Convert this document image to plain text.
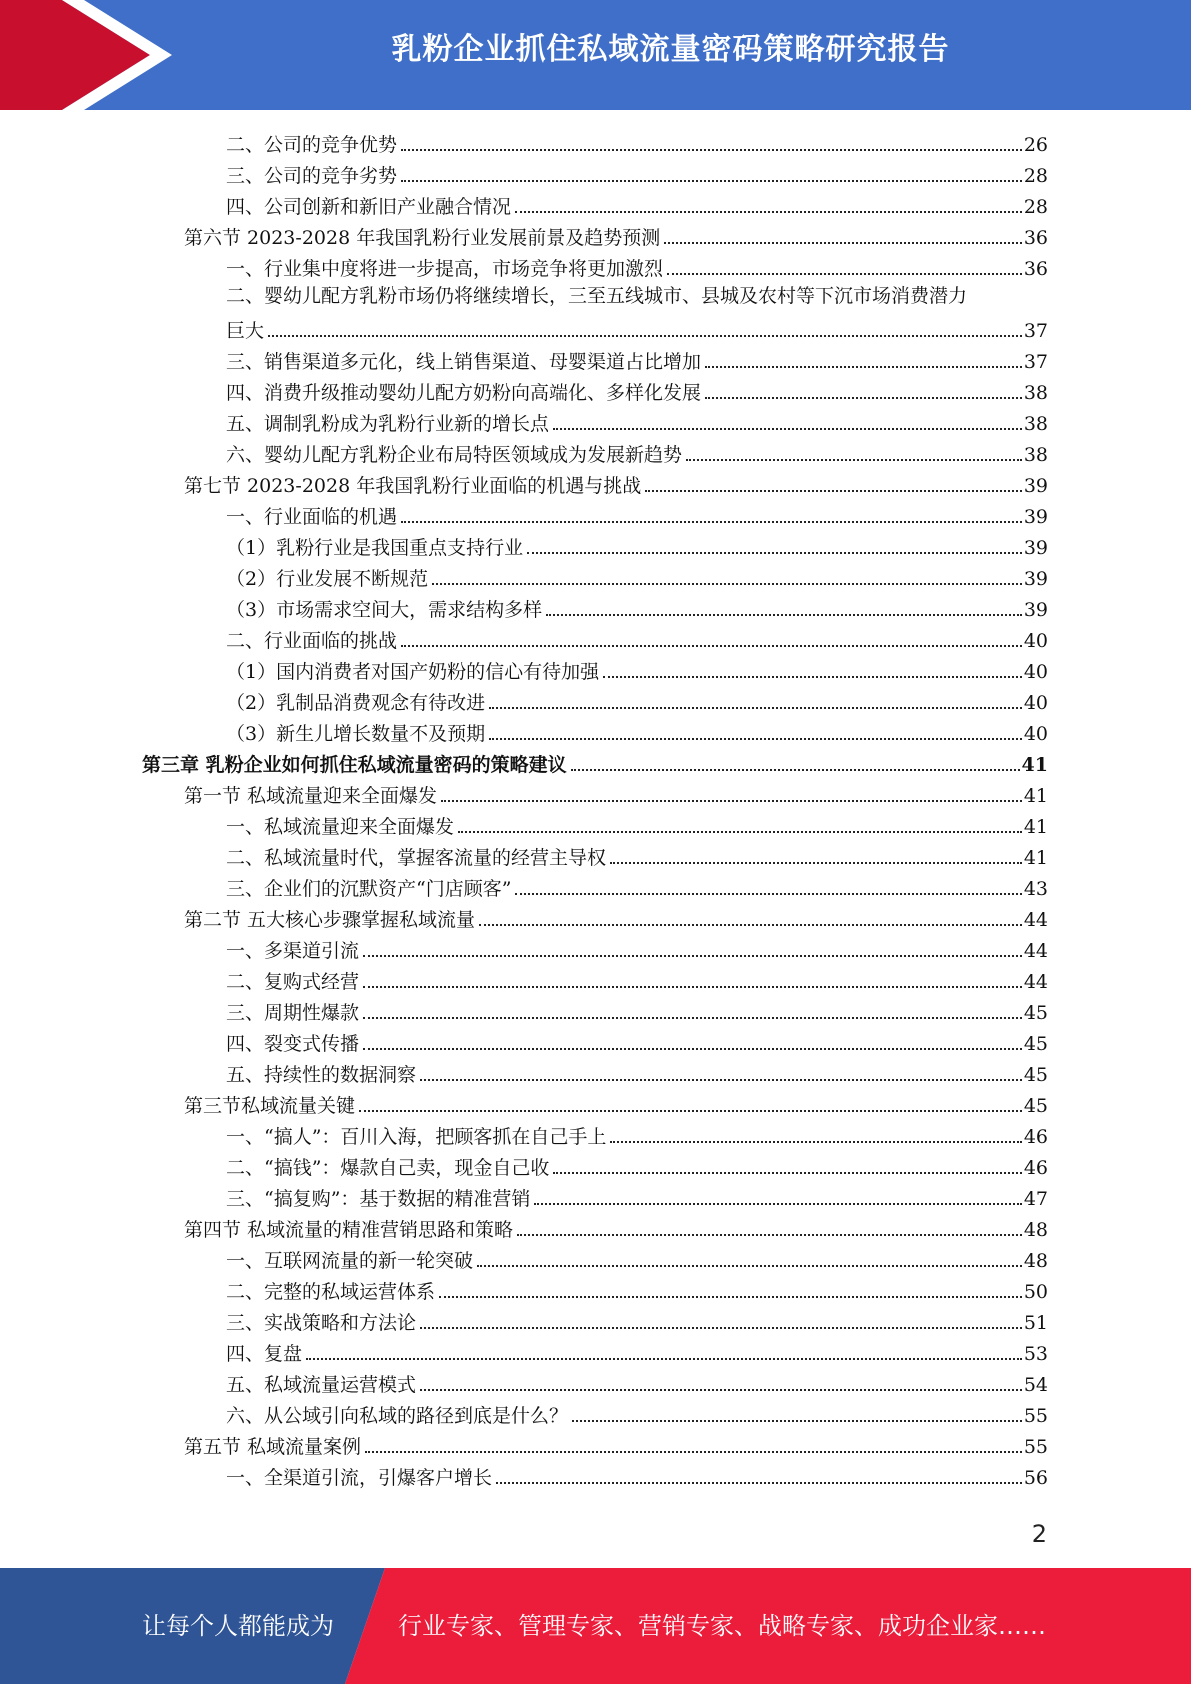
乳粉企业抓住私域流量密码策略研究报告
二、公司的竞争优势	26
三、公司的竞争劣势	28
四、公司创新和新旧产业融合情况	28
第六节 2023-2028 年我国乳粉行业发展前景及趋势预测	36
一、行业集中度将进一步提高，市场竞争将更加激烈	36
二、婴幼儿配方乳粉市场仍将继续增长，三至五线城市、县城及农村等下沉市场消费潜力
巨大	37
三、销售渠道多元化，线上销售渠道、母婴渠道占比增加	37
四、消费升级推动婴幼儿配方奶粉向高端化、多样化发展	38
五、调制乳粉成为乳粉行业新的增长点	38
六、婴幼儿配方乳粉企业布局特医领域成为发展新趋势	38
第七节 2023-2028 年我国乳粉行业面临的机遇与挑战	39
一、行业面临的机遇	39
（1）乳粉行业是我国重点支持行业	39
（2）行业发展不断规范	39
（3）市场需求空间大，需求结构多样	39
二、行业面临的挑战	40
（1）国内消费者对国产奶粉的信心有待加强	40
（2）乳制品消费观念有待改进	40
（3）新生儿增长数量不及预期	40
第三章 乳粉企业如何抓住私域流量密码的策略建议	41
第一节 私域流量迎来全面爆发	41
一、私域流量迎来全面爆发	41
二、私域流量时代，掌握客流量的经营主导权	41
三、企业们的沉默资产“门店顾客”	43
第二节 五大核心步骤掌握私域流量	44
一、多渠道引流	44
二、复购式经营	44
三、周期性爆款	45
四、裂变式传播	45
五、持续性的数据洞察	45
第三节私域流量关键	45
一、“搞人”：百川入海，把顾客抓在自己手上	46
二、“搞钱”：爆款自己卖，现金自己收	46
三、“搞复购”：基于数据的精准营销	47
第四节 私域流量的精准营销思路和策略	48
一、互联网流量的新一轮突破	48
二、完整的私域运营体系	50
三、实战策略和方法论	51
四、复盘	53
五、私域流量运营模式	54
六、从公域引向私域的路径到底是什么？	55
第五节 私域流量案例	55
一、全渠道引流，引爆客户增长	56
2
让每个人都能成为	行业专家、管理专家、营销专家、战略专家、成功企业家……
